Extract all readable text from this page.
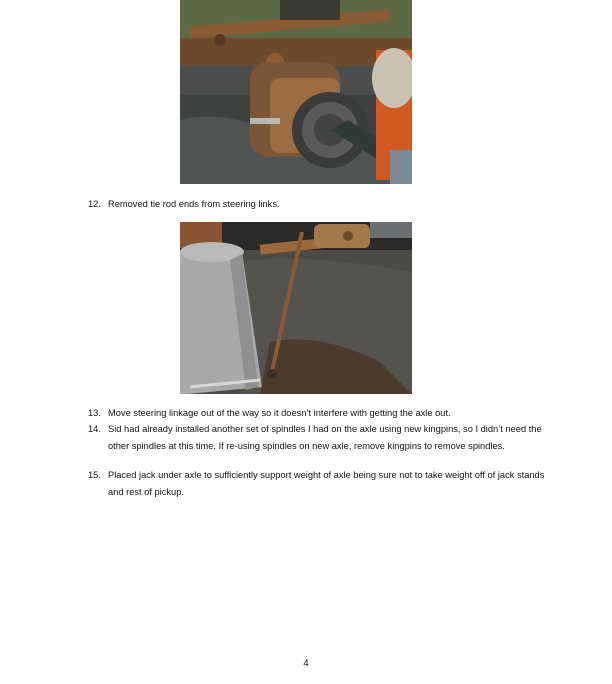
12. Removed tie rod ends from steering links.
13. Move steering linkage out of the way so it doesn’t interfere with getting the axle out.
14. Sid had already installed another set of spindles I had on the axle using new kingpins, so I didn’t need the other spindles at this time. If re-using spindles on new axle, remove kingpins to remove spindles.
15. Placed jack under axle to sufficiently support weight of axle being sure not to take weight off of jack stands and rest of pickup.
4
